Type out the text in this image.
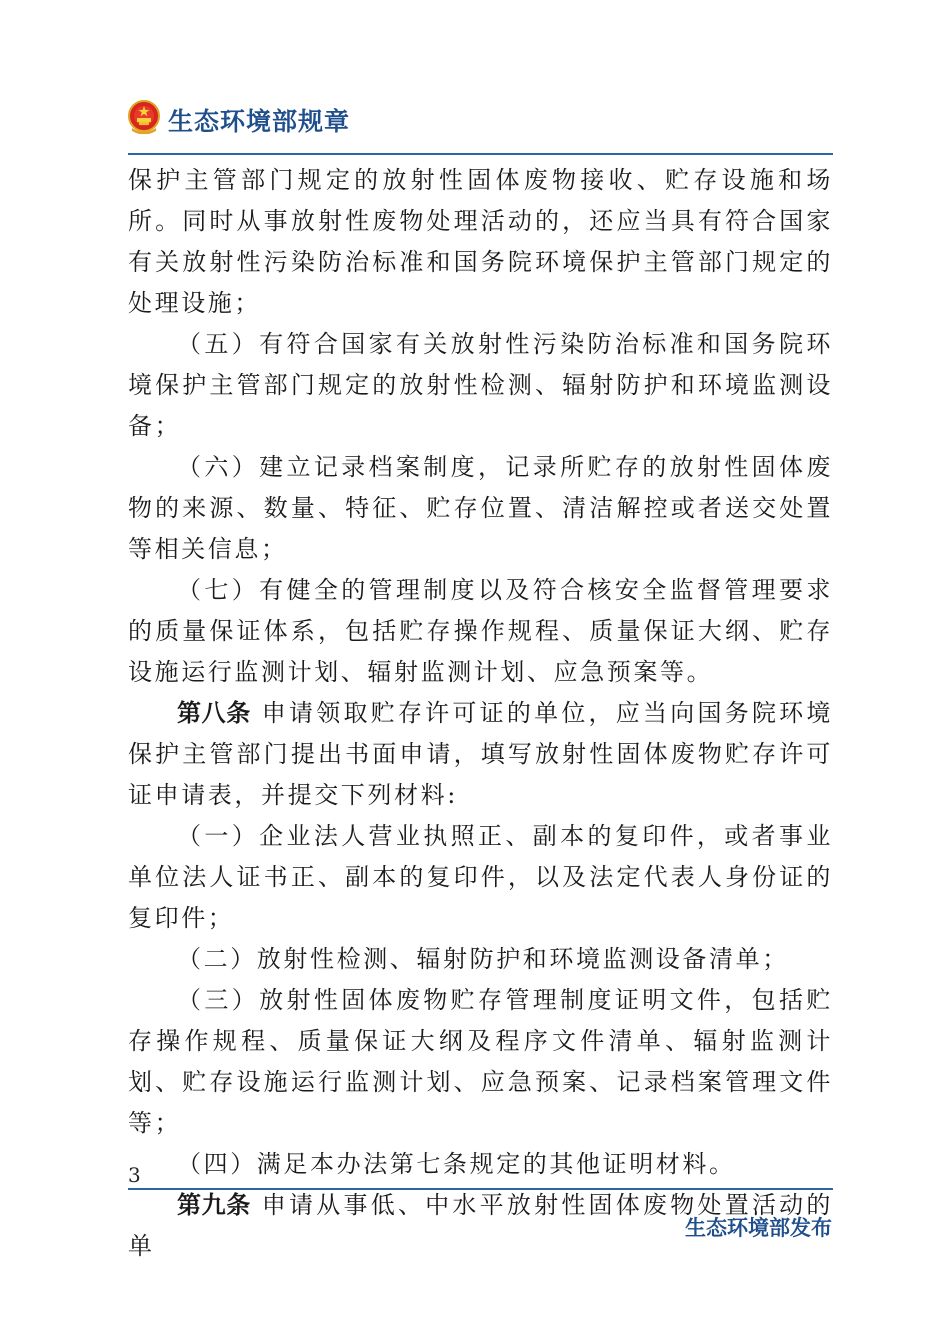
生态环境部规章

保护主管部门规定的放射性固体废物接收、贮存设施和场所。同时从事放射性废物处理活动的，还应当具有符合国家有关放射性污染防治标准和国务院环境保护主管部门规定的处理设施；

（五）有符合国家有关放射性污染防治标准和国务院环境保护主管部门规定的放射性检测、辐射防护和环境监测设备；

（六）建立记录档案制度，记录所贮存的放射性固体废物的来源、数量、特征、贮存位置、清洁解控或者送交处置等相关信息；

（七）有健全的管理制度以及符合核安全监督管理要求的质量保证体系，包括贮存操作规程、质量保证大纲、贮存设施运行监测计划、辐射监测计划、应急预案等。

第八条 申请领取贮存许可证的单位，应当向国务院环境保护主管部门提出书面申请，填写放射性固体废物贮存许可证申请表，并提交下列材料:

（一）企业法人营业执照正、副本的复印件，或者事业单位法人证书正、副本的复印件，以及法定代表人身份证的复印件；

（二）放射性检测、辐射防护和环境监测设备清单；

（三）放射性固体废物贮存管理制度证明文件，包括贮存操作规程、质量保证大纲及程序文件清单、辐射监测计划、贮存设施运行监测计划、应急预案、记录档案管理文件等；

（四）满足本办法第七条规定的其他证明材料。

第九条 申请从事低、中水平放射性固体废物处置活动的单

3
生态环境部发布
